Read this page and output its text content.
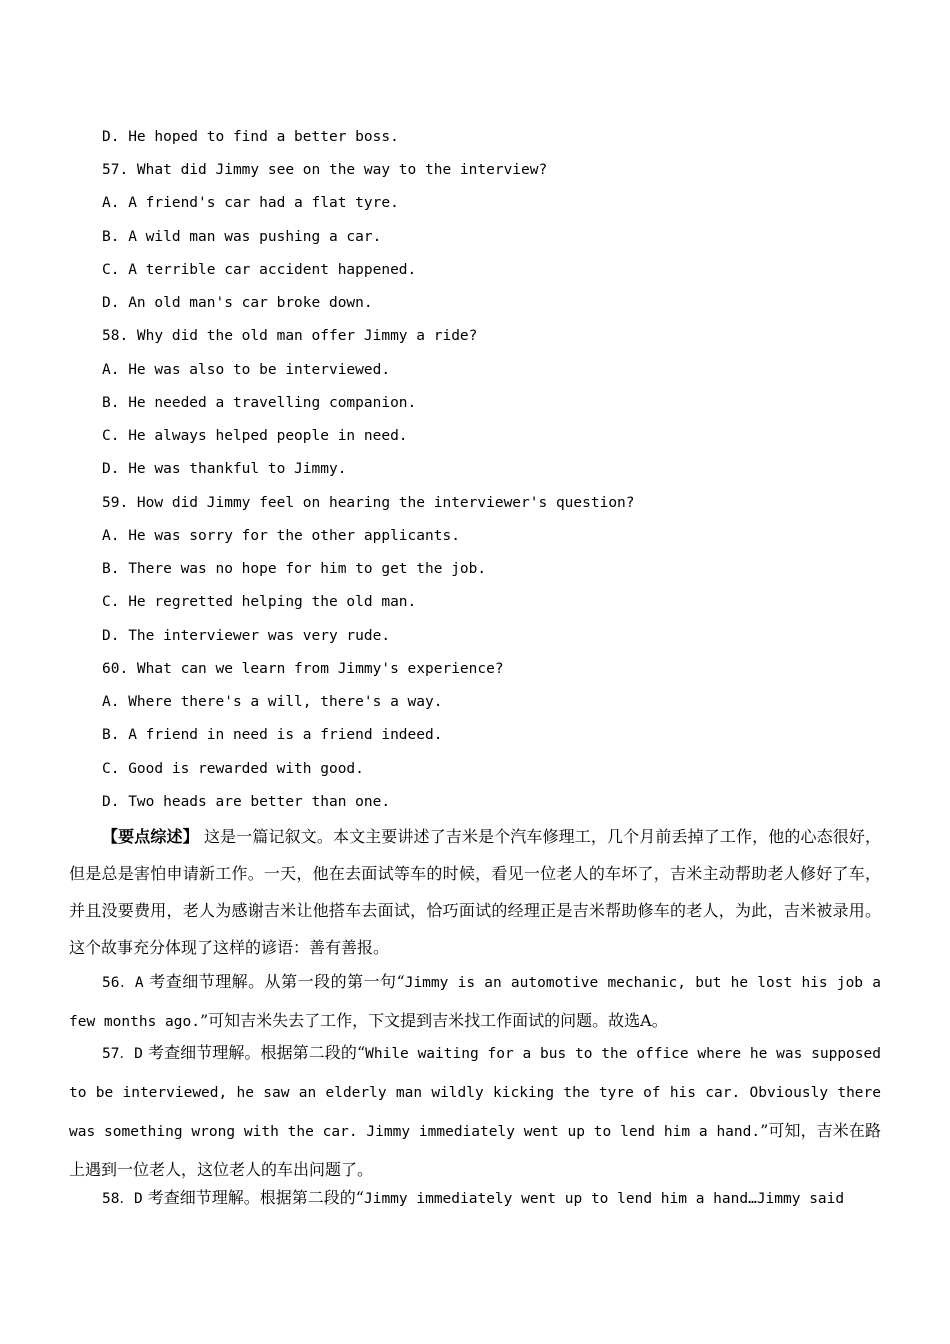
D. He hoped to find a better boss.
57. What did Jimmy see on the way to the interview?
A. A friend's car had a flat tyre.
B. A wild man was pushing a car.
C. A terrible car accident happened.
D. An old man's car broke down.
58. Why did the old man offer Jimmy a ride?
A. He was also to be interviewed.
B. He needed a travelling companion.
C. He always helped people in need.
D. He was thankful to Jimmy.
59. How did Jimmy feel on hearing the interviewer's question?
A. He was sorry for the other applicants.
B. There was no hope for him to get the job.
C. He regretted helping the old man.
D. The interviewer was very rude.
60. What can we learn from Jimmy's experience?
A. Where there's a will, there's a way.
B. A friend in need is a friend indeed.
C. Good is rewarded with good.
D. Two heads are better than one.
【要点综述】 这是一篇记叙文。本文主要讲述了吉米是个汽车修理工，几个月前丢掉了工作，他的心态很好，但是总是害怕申请新工作。一天，他在去面试等车的时候，看见一位老人的车坏了，吉米主动帮助老人修好了车，并且没要费用，老人为感谢吉米让他搭车去面试，恰巧面试的经理正是吉米帮助修车的老人，为此，吉米被录用。这个故事充分体现了这样的谚语：善有善报。
56．A 考查细节理解。从第一段的第一句“Jimmy is an automotive mechanic, but he lost his job a few months ago.”可知吉米失去了工作，下文提到吉米找工作面试的问题。故选A。
57．D 考查细节理解。根据第二段的“While waiting for a bus to the office where he was supposed to be interviewed, he saw an elderly man wildly kicking the tyre of his car. Obviously there was something wrong with the car. Jimmy immediately went up to lend him a hand.”可知，吉米在路上遇到一位老人，这位老人的车出问题了。
58．D 考查细节理解。根据第二段的“Jimmy immediately went up to lend him a hand…Jimmy said
